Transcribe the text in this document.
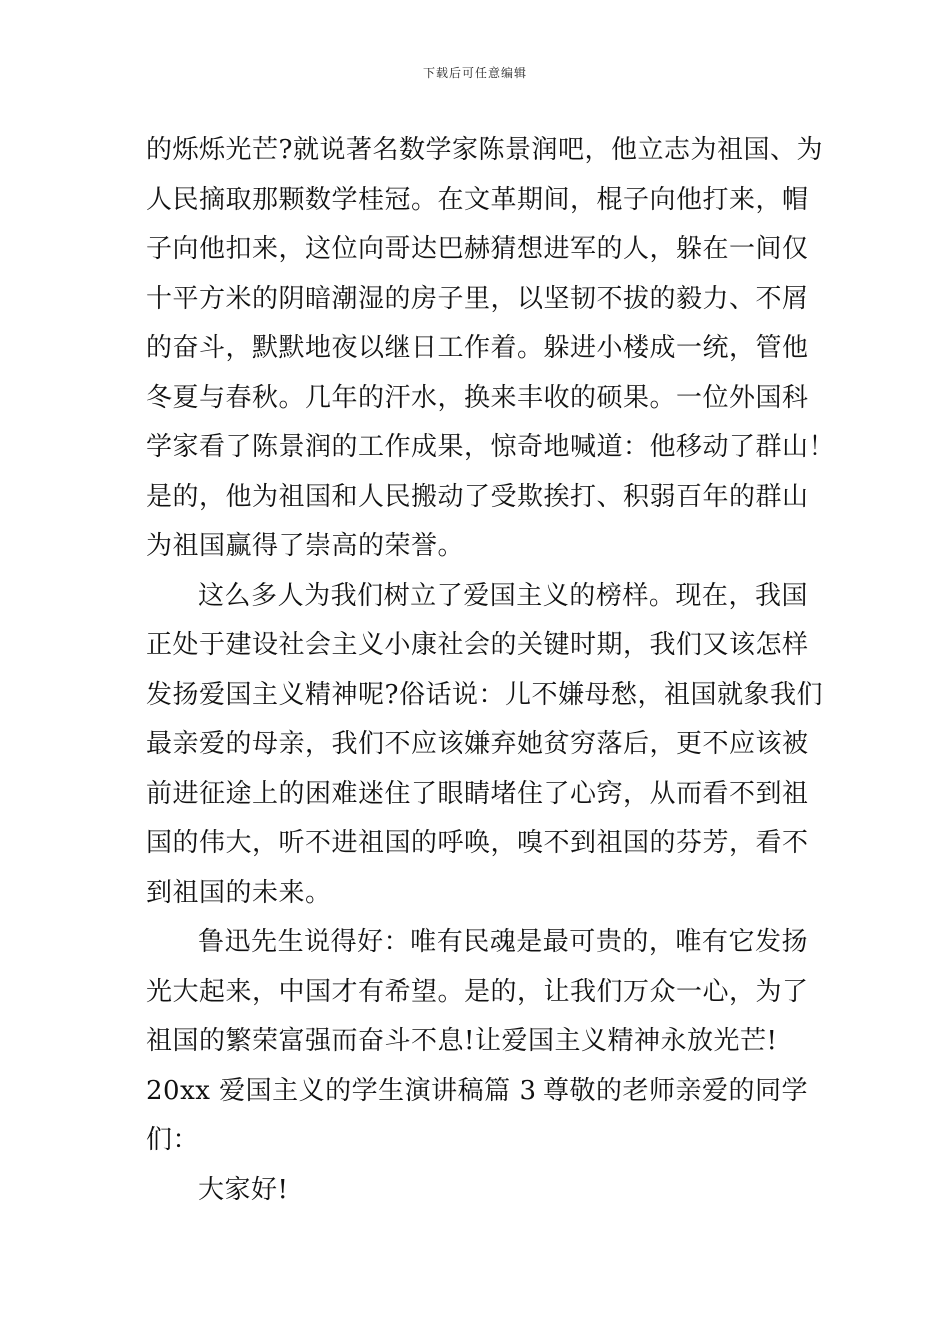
下载后可任意编辑
的烁烁光芒?就说著名数学家陈景润吧，他立志为祖国、为
人民摘取那颗数学桂冠。在文革期间，棍子向他打来，帽
子向他扣来，这位向哥达巴赫猜想进军的人，躲在一间仅
十平方米的阴暗潮湿的房子里，以坚韧不拔的毅力、不屑
的奋斗，默默地夜以继日工作着。躲进小楼成一统，管他
冬夏与春秋。几年的汗水，换来丰收的硕果。一位外国科
学家看了陈景润的工作成果，惊奇地喊道：他移动了群山！
是的，他为祖国和人民搬动了受欺挨打、积弱百年的群山
为祖国赢得了崇高的荣誉。
这么多人为我们树立了爱国主义的榜样。现在，我国
正处于建设社会主义小康社会的关键时期，我们又该怎样
发扬爱国主义精神呢?俗话说：儿不嫌母愁，祖国就象我们
最亲爱的母亲，我们不应该嫌弃她贫穷落后，更不应该被
前进征途上的困难迷住了眼睛堵住了心窍，从而看不到祖
国的伟大，听不进祖国的呼唤，嗅不到祖国的芬芳，看不
到祖国的未来。
鲁迅先生说得好：唯有民魂是最可贵的，唯有它发扬
光大起来，中国才有希望。是的，让我们万众一心，为了
祖国的繁荣富强而奋斗不息!让爱国主义精神永放光芒!
20xx 爱国主义的学生演讲稿篇 3 尊敬的老师亲爱的同学
们：
大家好!
